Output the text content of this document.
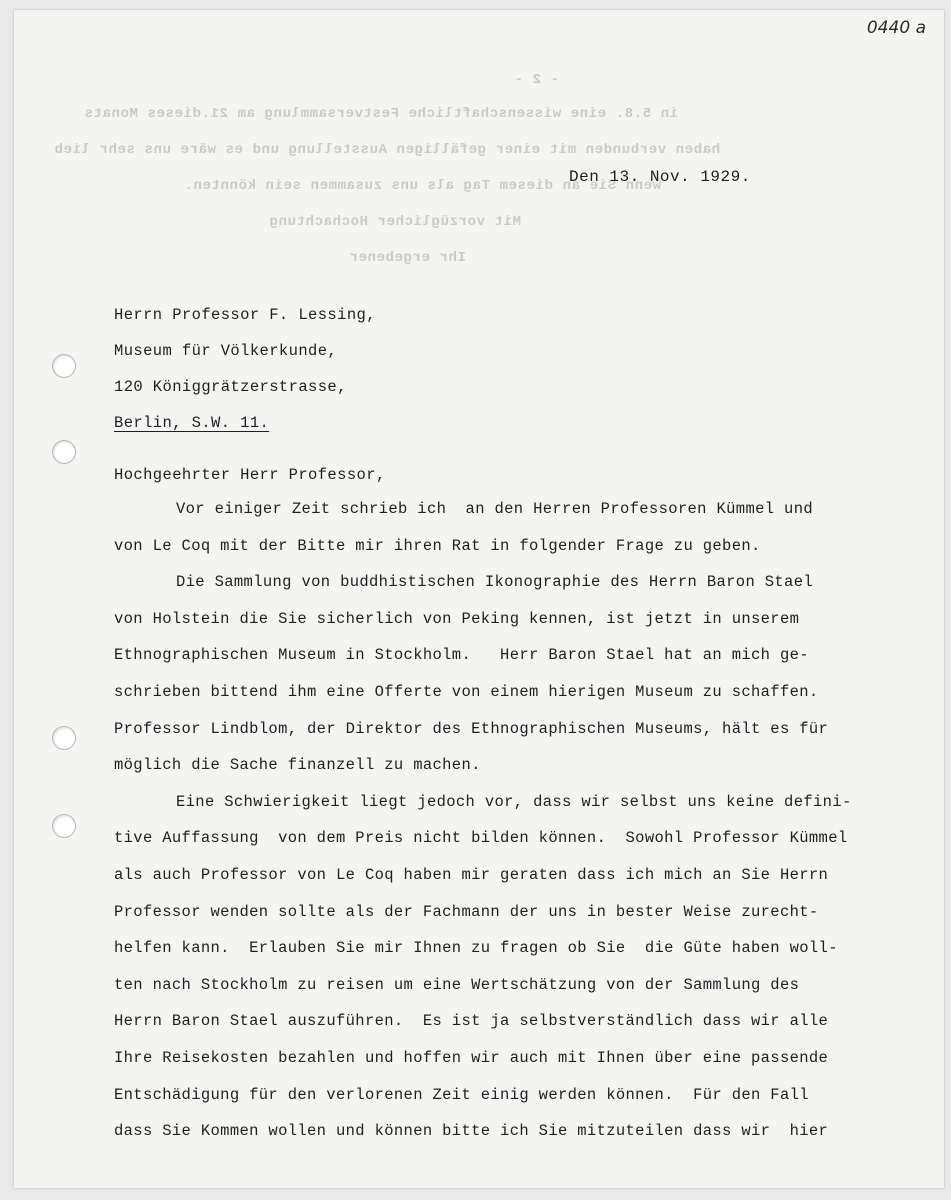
- 2 -
in 5.8. eine wissenschaftliche Festversammlung am 21.dieses Monats
haben verbunden mit einer gefälligen Ausstellung und es wäre uns sehr lieb
wenn Sie an diesem Tag als uns zusammen sein könnten.
Mit vorzüglicher Hochachtung
Ihr ergebener
0440 a
Den 13. Nov. 1929.
Herrn Professor F. Lessing,
Museum für Völkerkunde,
120 Königgrätzerstrasse,
Berlin, S.W. 11.
Hochgeehrter Herr Professor,
Vor einiger Zeit schrieb ich  an den Herren Professoren Kümmel und
von Le Coq mit der Bitte mir ihren Rat in folgender Frage zu geben.
Die Sammlung von buddhistischen Ikonographie des Herrn Baron Stael
von Holstein die Sie sicherlich von Peking kennen, ist jetzt in unserem
Ethnographischen Museum in Stockholm.   Herr Baron Stael hat an mich ge-
schrieben bittend ihm eine Offerte von einem hierigen Museum zu schaffen.
Professor Lindblom, der Direktor des Ethnographischen Museums, hält es für
möglich die Sache finanzell zu machen.
Eine Schwierigkeit liegt jedoch vor, dass wir selbst uns keine defini-
tive Auffassung  von dem Preis nicht bilden können.  Sowohl Professor Kümmel
als auch Professor von Le Coq haben mir geraten dass ich mich an Sie Herrn
Professor wenden sollte als der Fachmann der uns in bester Weise zurecht-
helfen kann.  Erlauben Sie mir Ihnen zu fragen ob Sie  die Güte haben woll-
ten nach Stockholm zu reisen um eine Wertschätzung von der Sammlung des
Herrn Baron Stael auszuführen.  Es ist ja selbstverständlich dass wir alle
Ihre Reisekosten bezahlen und hoffen wir auch mit Ihnen über eine passende
Entschädigung für den verlorenen Zeit einig werden können.  Für den Fall
dass Sie Kommen wollen und können bitte ich Sie mitzuteilen dass wir  hier
